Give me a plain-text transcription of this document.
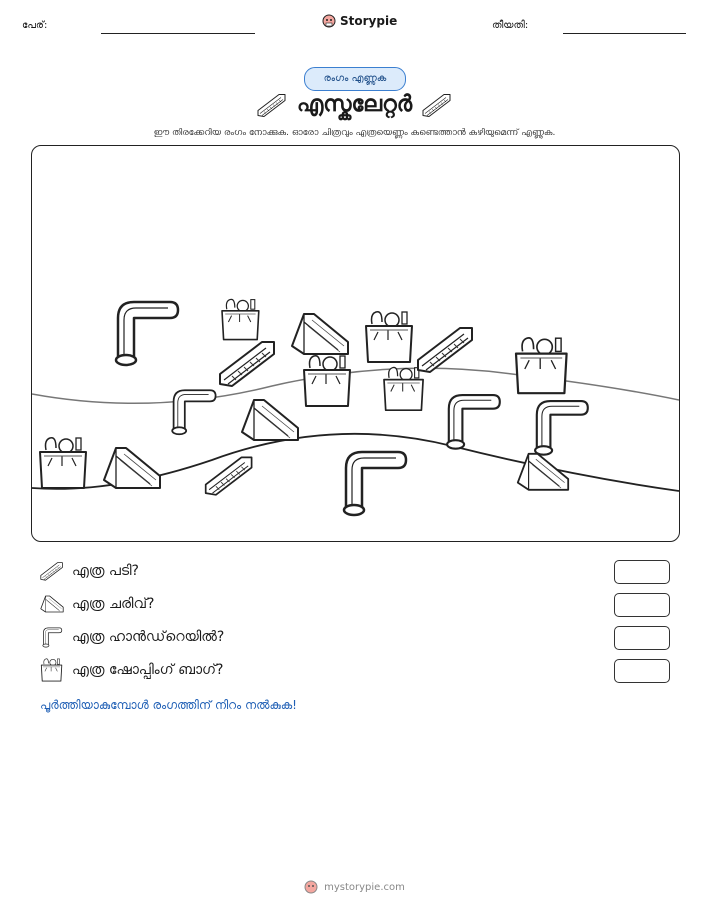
പേര്:	Storypie	തീയതി:
രംഗം എണ്ണുക
എസ്കലേറ്റർ
ഈ തിരക്കേറിയ രംഗം നോക്കുക. ഓരോ ചിത്രവും എത്രയെണ്ണം കണ്ടെത്താൻ കഴിയുമെന്ന് എണ്ണുക.
എത്ര പടി?
എത്ര ചരിവ്?
എത്ര ഹാൻഡ്‌റെയിൽ?
എത്ര ഷോപ്പിംഗ് ബാഗ്?
പൂർത്തിയാകുമ്പോൾ രംഗത്തിന് നിറം നൽകുക!
mystorypie.com
